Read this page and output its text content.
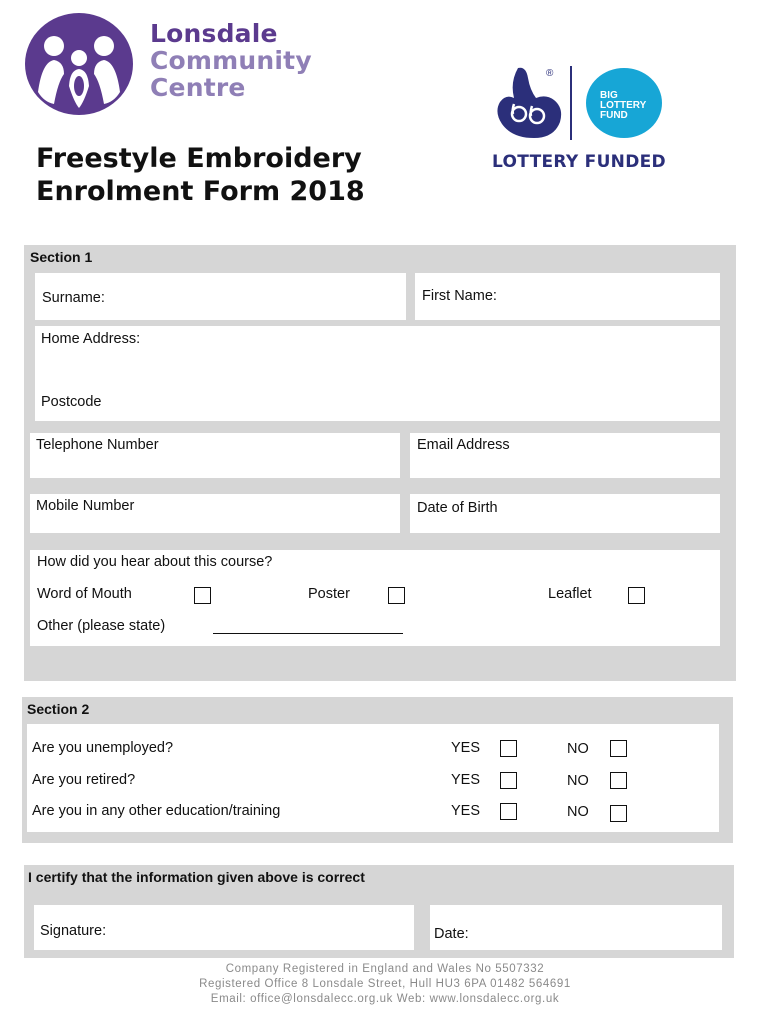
Lonsdale
Community
Centre	®
BIG
LOTTERY
FUND
LOTTERY FUNDED
Freestyle Embroidery
Enrolment Form 2018
Section 1
Surname:	First Name:
Home Address:
Postcode
Telephone Number	Email Address
Mobile Number	Date of Birth
How did you hear about this course?
Word of Mouth	Poster	Leaflet
Other (please state)
Section 2
Are you unemployed?	YES	NO
Are you retired?	YES	NO
Are you in any other education/training	YES	NO
I certify that the information given above is correct
Signature:	Date:
Company Registered in England and Wales No 5507332
Registered Office 8 Lonsdale Street, Hull HU3 6PA 01482 564691
Email: office@lonsdalecc.org.uk Web: www.lonsdalecc.org.uk
